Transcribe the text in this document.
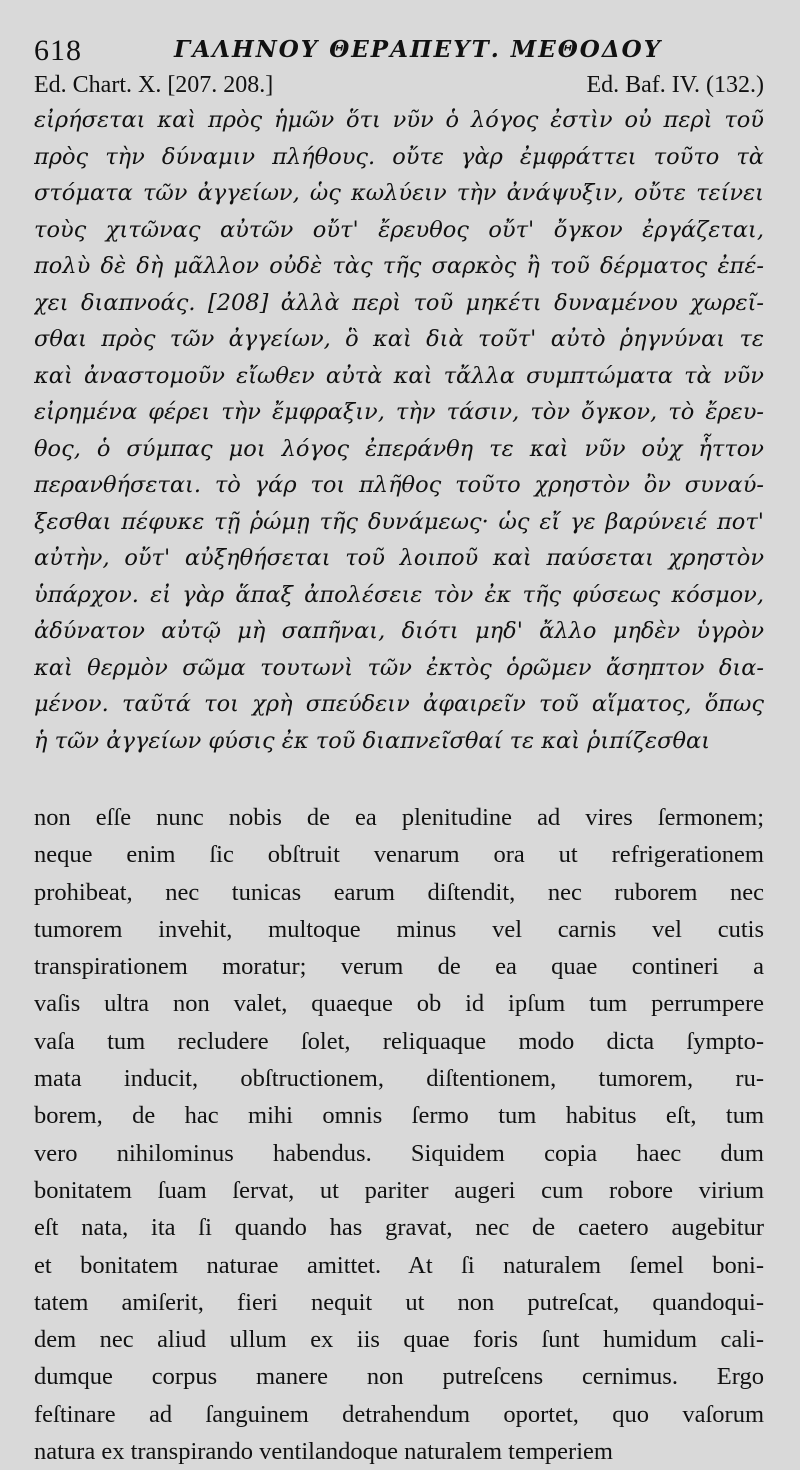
618	ΓΑΛΗΝΟΥ ΘΕΡΑΠΕΥΤ. ΜΕΘΟΔΟΥ
Ed. Chart. X. [207. 208.]	Ed. Baf. IV. (132.)
εἰρήσεται καὶ πρὸς ἡμῶν ὅτι νῦν ὁ λόγος ἐστὶν οὐ περὶ τοῦ
πρὸς τὴν δύναμιν πλήθους. οὔτε γὰρ ἐμφράττει τοῦτο τὰ
στόματα τῶν ἀγγείων, ὡς κωλύειν τὴν ἀνάψυξιν, οὔτε τείνει
τοὺς χιτῶνας αὐτῶν οὔτ' ἔρευθος οὔτ' ὄγκον ἐργάζεται,
πολὺ δὲ δὴ μᾶλλον οὐδὲ τὰς τῆς σαρκὸς ἢ τοῦ δέρματος ἐπέ-
χει διαπνοάς. [208] ἀλλὰ περὶ τοῦ μηκέτι δυναμένου χωρεῖ-
σθαι πρὸς τῶν ἀγγείων, ὃ καὶ διὰ τοῦτ' αὐτὸ ῥηγνύναι τε
καὶ ἀναστομοῦν εἴωθεν αὐτὰ καὶ τἄλλα συμπτώματα τὰ νῦν
εἰρημένα φέρει τὴν ἔμφραξιν, τὴν τάσιν, τὸν ὄγκον, τὸ ἔρευ-
θος, ὁ σύμπας μοι λόγος ἐπεράνθη τε καὶ νῦν οὐχ ἧττον
περανθήσεται. τὸ γάρ τοι πλῆθος τοῦτο χρηστὸν ὂν συναύ-
ξεσθαι πέφυκε τῇ ῥώμῃ τῆς δυνάμεως· ὡς εἴ γε βαρύνειέ ποτ'
αὐτὴν, οὔτ' αὐξηθήσεται τοῦ λοιποῦ καὶ παύσεται χρηστὸν
ὑπάρχον. εἰ γὰρ ἅπαξ ἀπολέσειε τὸν ἐκ τῆς φύσεως κόσμον,
ἀδύνατον αὐτῷ μὴ σαπῆναι, διότι μηδ' ἄλλο μηδὲν ὑγρὸν
καὶ θερμὸν σῶμα τουτωνὶ τῶν ἐκτὸς ὁρῶμεν ἄσηπτον δια-
μένον. ταῦτά τοι χρὴ σπεύδειν ἀφαιρεῖν τοῦ αἵματος, ὅπως
ἡ τῶν ἀγγείων φύσις ἐκ τοῦ διαπνεῖσθαί τε καὶ ῥιπίζεσθαι
non eſſe nunc nobis de ea plenitudine ad vires ſermonem;
neque enim ſic obſtruit venarum ora ut refrigerationem
prohibeat, nec tunicas earum diſtendit, nec ruborem nec
tumorem invehit, multoque minus vel carnis vel cutis
transpirationem moratur; verum de ea quae contineri a
vaſis ultra non valet, quaeque ob id ipſum tum perrumpere
vaſa tum recludere ſolet, reliquaque modo dicta ſympto-
mata inducit, obſtructionem, diſtentionem, tumorem, ru-
borem, de hac mihi omnis ſermo tum habitus eſt, tum
vero nihilominus habendus. Siquidem copia haec dum
bonitatem ſuam ſervat, ut pariter augeri cum robore virium
eſt nata, ita ſi quando has gravat, nec de caetero augebitur
et bonitatem naturae amittet. At ſi naturalem ſemel boni-
tatem amiſerit, fieri nequit ut non putreſcat, quandoqui-
dem nec aliud ullum ex iis quae foris ſunt humidum cali-
dumque corpus manere non putreſcens cernimus. Ergo
feſtinare ad ſanguinem detrahendum oportet, quo vaſorum
natura ex transpirando ventilandoque naturalem temperiem
